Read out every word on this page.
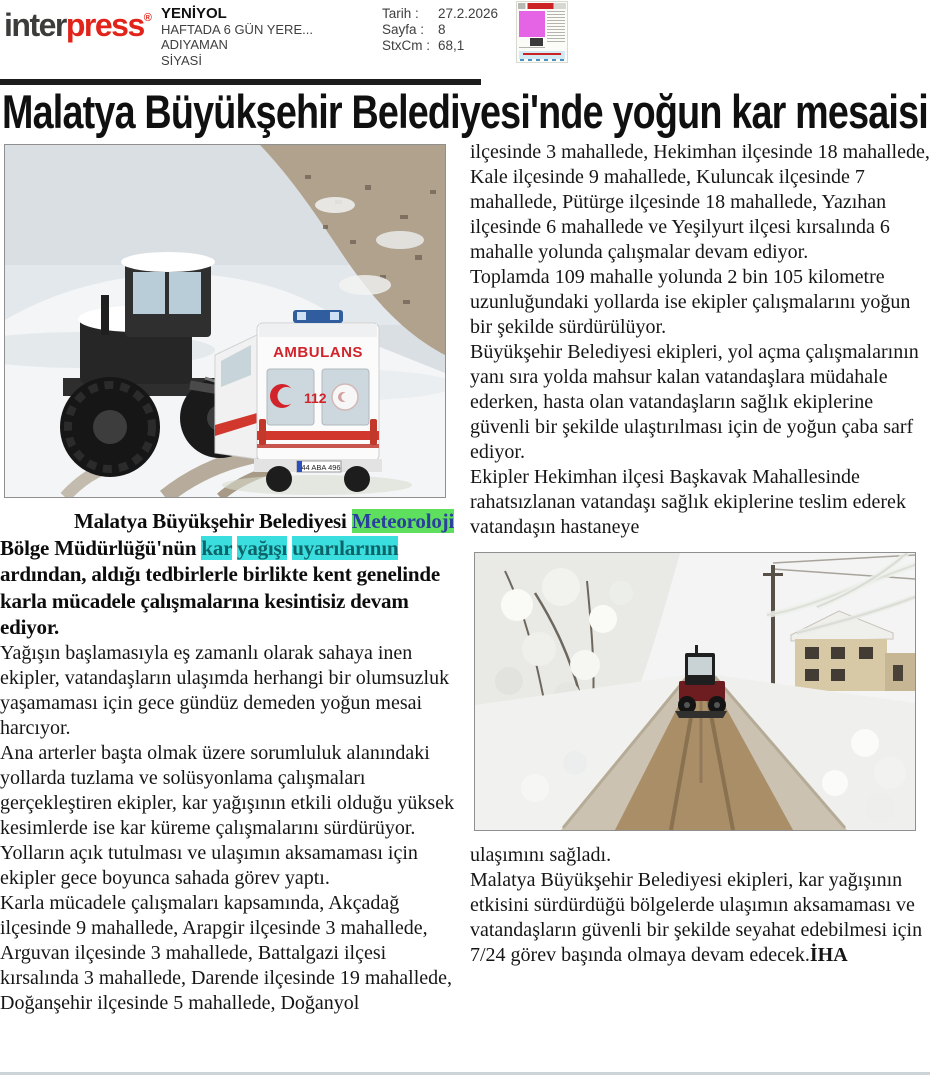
interpress® YENİYOL
HAFTADA 6 GÜN YERE...
ADIYAMAN
SİYASİ
Tarih :	27.2.2026
Sayfa :	8
StxCm : 68,1
Malatya Büyükşehir Belediyesi'nde yoğun kar mesaisi
AMBULANS
112
44 ABA 496

Malatya Büyükşehir Belediyesi Meteoroloji Bölge Müdürlüğü'nün kar yağışı uyarılarının ardından, aldığı tedbirlerle birlikte kent genelinde karla mücadele çalışmalarına kesintisiz devam ediyor.

Yağışın başlamasıyla eş zamanlı olarak sahaya inen ekipler, vatandaşların ulaşımda herhangi bir olumsuzluk yaşamaması için gece gündüz demeden yoğun mesai harcıyor.

Ana arterler başta olmak üzere sorumluluk alanındaki yollarda tuzlama ve solüsyonlama çalışmaları gerçekleştiren ekipler, kar yağışının etkili olduğu yüksek kesimlerde ise kar küreme çalışmalarını sürdürüyor. Yolların açık tutulması ve ulaşımın aksamaması için ekipler gece boyunca sahada görev yaptı.

Karla mücadele çalışmaları kapsamında, Akçadağ ilçesinde 9 mahallede, Arapgir ilçesinde 3 mahallede, Arguvan ilçesinde 3 mahallede, Battalgazi ilçesi kırsalında 3 mahallede, Darende ilçesinde 19 mahallede, Doğanşehir ilçesinde 5 mahallede, Doğanyol

ilçesinde 3 mahallede, Hekimhan ilçesinde 18 mahallede, Kale ilçesinde 9 mahallede, Kuluncak ilçesinde 7 mahallede, Pütürge ilçesinde 18 mahallede, Yazıhan ilçesinde 6 mahallede ve Yeşilyurt ilçesi kırsalında 6 mahalle yolunda çalışmalar devam ediyor.

Toplamda 109 mahalle yolunda 2 bin 105 kilometre uzunluğundaki yollarda ise ekipler çalışmalarını yoğun bir şekilde sürdürülüyor.

Büyükşehir Belediyesi ekipleri, yol açma çalışmalarının yanı sıra yolda mahsur kalan vatandaşlara müdahale ederken, hasta olan vatandaşların sağlık ekiplerine güvenli bir şekilde ulaştırılması için de yoğun çaba sarf ediyor.

Ekipler Hekimhan ilçesi Başkavak Mahallesinde rahatsızlanan vatandaşı sağlık ekiplerine teslim ederek vatandaşın hastaneye

ulaşımını sağladı.

Malatya Büyükşehir Belediyesi ekipleri, kar yağışının etkisini sürdürdüğü bölgelerde ulaşımın aksamaması ve vatandaşların güvenli bir şekilde seyahat edebilmesi için 7/24 görev başında olmaya devam edecek.İHA
